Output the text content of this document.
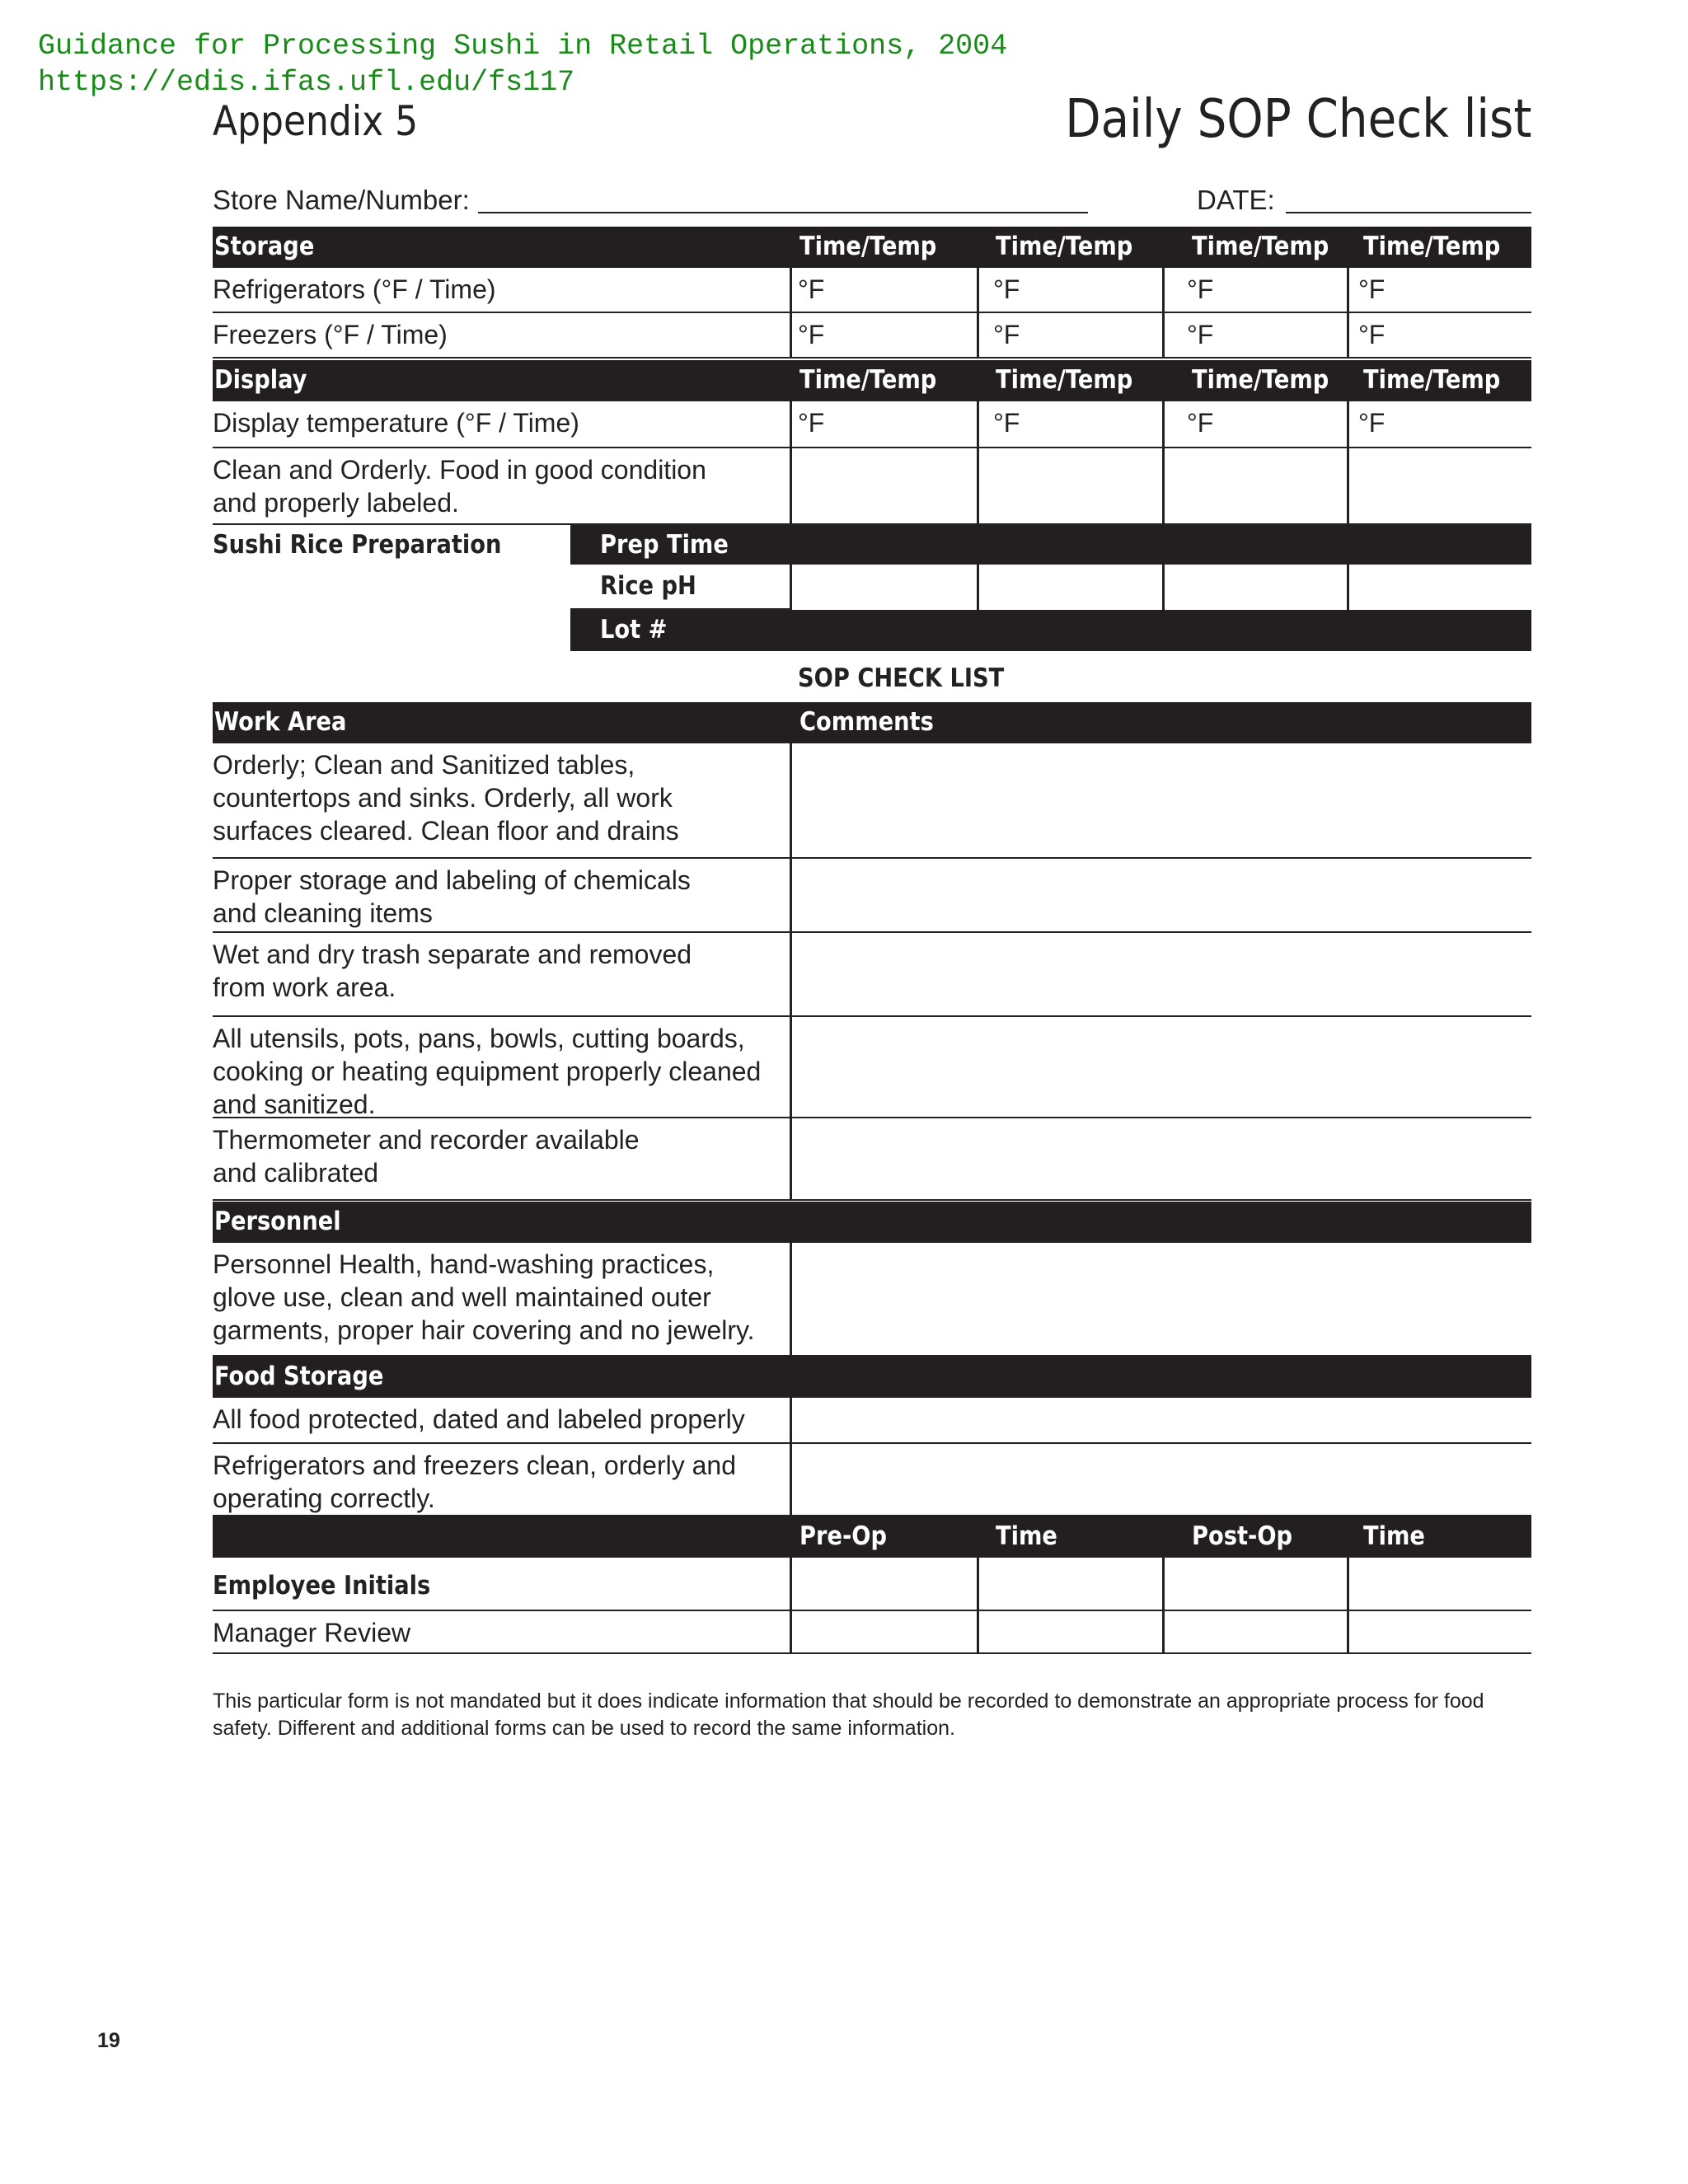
Guidance for Processing Sushi in Retail Operations, 2004
https://edis.ifas.ufl.edu/fs117
Appendix 5	Daily SOP Check list
Store Name/Number:	DATE:
Storage	Time/Temp Time/Temp Time/Temp Time/Temp
Refrigerators (°F / Time)	°F	°F	°F	°F
Freezers (°F / Time)	°F	°F	°F	°F
Display	Time/Temp Time/Temp Time/Temp Time/Temp
Display temperature (°F / Time)	°F	°F	°F	°F
Clean and Orderly. Food in good condition
and properly labeled.
Sushi Rice Preparation	Prep Time
Rice pH
Lot #
SOP CHECK LIST
Work Area	Comments
Orderly; Clean and Sanitized tables,
countertops and sinks. Orderly, all work
surfaces cleared. Clean floor and drains
Proper storage and labeling of chemicals
and cleaning items
Wet and dry trash separate and removed
from work area.
All utensils, pots, pans, bowls, cutting boards,
cooking or heating equipment properly cleaned
and sanitized.
Thermometer and recorder available
and calibrated
Personnel
Personnel Health, hand-washing practices,
glove use, clean and well maintained outer
garments, proper hair covering and no jewelry.
Food Storage
All food protected, dated and labeled properly
Refrigerators and freezers clean, orderly and
operating correctly.
Pre-Op	Time	Post-Op	Time
Employee Initials
Manager Review
This particular form is not mandated but it does indicate information that should be recorded to demonstrate an appropriate process for food safety. Different and additional forms can be used to record the same information.
19
